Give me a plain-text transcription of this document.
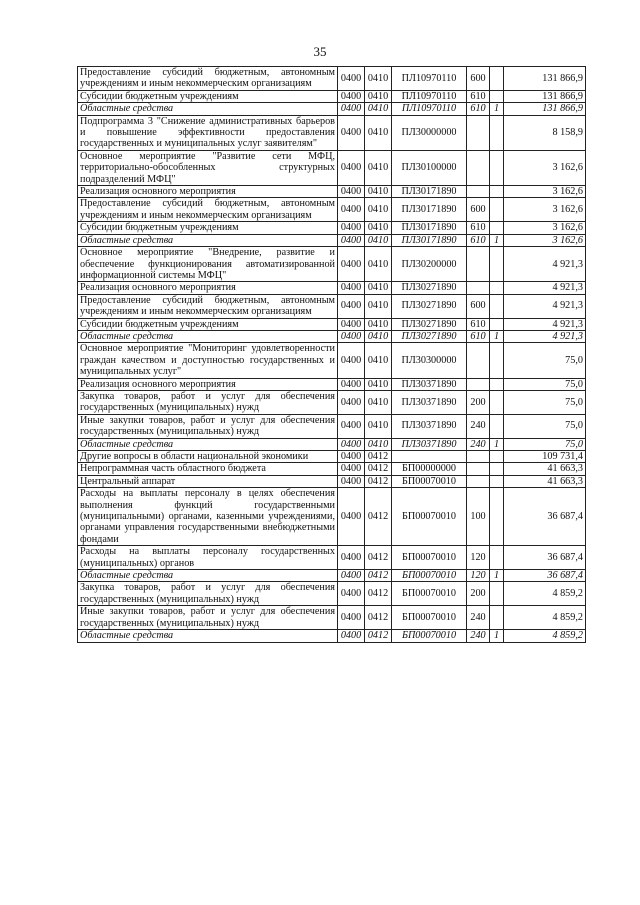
35
Предоставление субсидий бюджетным, автономным учреждениям и иным некоммерческим организациям	0400	0410	ПЛ10970110	600		131 866,9
Субсидии бюджетным учреждениям	0400	0410	ПЛ10970110	610		131 866,9
Областные средства	0400	0410	ПЛ10970110	610	1	131 866,9
Подпрограмма 3 "Снижение административных барьеров и повышение эффективности предоставления государственных и муниципальных услуг заявителям"	0400	0410	ПЛ30000000			8 158,9
Основное мероприятие "Развитие сети МФЦ, территориально-обособленных структурных подразделений МФЦ"	0400	0410	ПЛ30100000			3 162,6
Реализация основного мероприятия	0400	0410	ПЛ30171890			3 162,6
Предоставление субсидий бюджетным, автономным учреждениям и иным некоммерческим организациям	0400	0410	ПЛ30171890	600		3 162,6
Субсидии бюджетным учреждениям	0400	0410	ПЛ30171890	610		3 162,6
Областные средства	0400	0410	ПЛ30171890	610	1	3 162,6
Основное мероприятие "Внедрение, развитие и обеспечение функционирования автоматизированной информационной системы МФЦ"	0400	0410	ПЛ30200000			4 921,3
Реализация основного мероприятия	0400	0410	ПЛ30271890			4 921,3
Предоставление субсидий бюджетным, автономным учреждениям и иным некоммерческим организациям	0400	0410	ПЛ30271890	600		4 921,3
Субсидии бюджетным учреждениям	0400	0410	ПЛ30271890	610		4 921,3
Областные средства	0400	0410	ПЛ30271890	610	1	4 921,3
Основное мероприятие "Мониторинг удовлетворенности граждан качеством и доступностью государственных и муниципальных услуг"	0400	0410	ПЛ30300000			75,0
Реализация основного мероприятия	0400	0410	ПЛ30371890			75,0
Закупка товаров, работ и услуг для обеспечения государственных (муниципальных) нужд	0400	0410	ПЛ30371890	200		75,0
Иные закупки товаров, работ и услуг для обеспечения государственных (муниципальных) нужд	0400	0410	ПЛ30371890	240		75,0
Областные средства	0400	0410	ПЛ30371890	240	1	75,0
Другие вопросы в области национальной экономики	0400	0412				109 731,4
Непрограммная часть областного бюджета	0400	0412	БП00000000			41 663,3
Центральный аппарат	0400	0412	БП00070010			41 663,3
Расходы на выплаты персоналу в целях обеспечения выполнения функций государственными (муниципальными) органами, казенными учреждениями, органами управления государственными внебюджетными фондами	0400	0412	БП00070010	100		36 687,4
Расходы на выплаты персоналу государственных (муниципальных) органов	0400	0412	БП00070010	120		36 687,4
Областные средства	0400	0412	БП00070010	120	1	36 687,4
Закупка товаров, работ и услуг для обеспечения государственных (муниципальных) нужд	0400	0412	БП00070010	200		4 859,2
Иные закупки товаров, работ и услуг для обеспечения государственных (муниципальных) нужд	0400	0412	БП00070010	240		4 859,2
Областные средства	0400	0412	БП00070010	240	1	4 859,2
